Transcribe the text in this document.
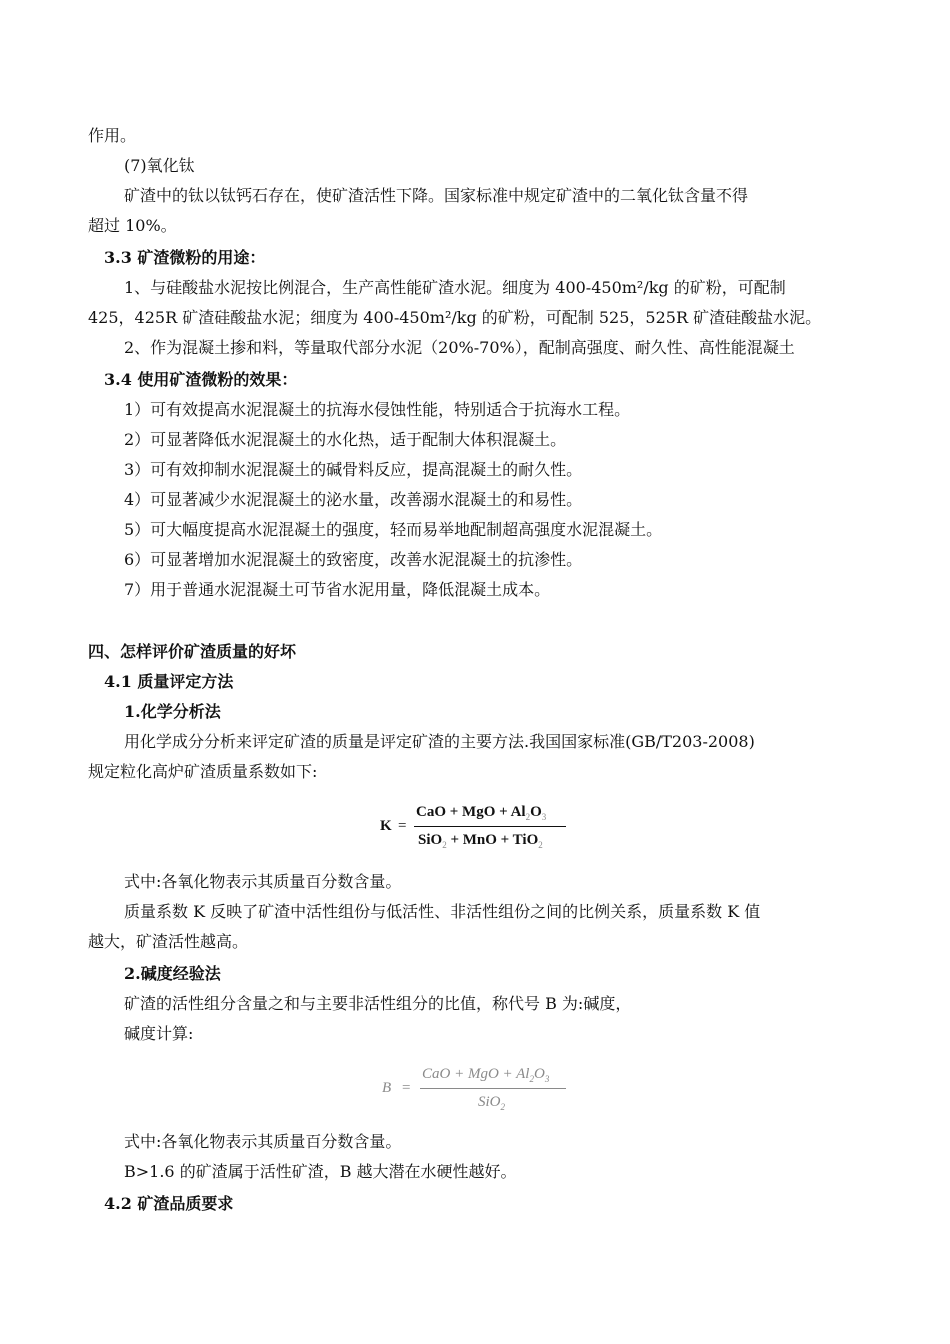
作用。
(7)氧化钛
矿渣中的钛以钛钙石存在，使矿渣活性下降。国家标准中规定矿渣中的二氧化钛含量不得
超过 10%。
3.3 矿渣微粉的用途：
1、与硅酸盐水泥按比例混合，生产高性能矿渣水泥。细度为 400-450m²/kg 的矿粉，可配制
425，425R 矿渣硅酸盐水泥；细度为 400-450m²/kg 的矿粉，可配制 525，525R 矿渣硅酸盐水泥。
2、作为混凝土掺和料，等量取代部分水泥（20%-70%），配制高强度、耐久性、高性能混凝土
3.4 使用矿渣微粉的效果：
1）可有效提高水泥混凝土的抗海水侵蚀性能，特别适合于抗海水工程。
2）可显著降低水泥混凝土的水化热，适于配制大体积混凝土。
3）可有效抑制水泥混凝土的碱骨料反应，提高混凝土的耐久性。
4）可显著减少水泥混凝土的泌水量，改善溺水混凝土的和易性。
5）可大幅度提高水泥混凝土的强度，轻而易举地配制超高强度水泥混凝土。
6）可显著增加水泥混凝土的致密度，改善水泥混凝土的抗渗性。
7）用于普通水泥混凝土可节省水泥用量，降低混凝土成本。
四、怎样评价矿渣质量的好坏
4.1 质量评定方法
1.化学分析法
用化学成分分析来评定矿渣的质量是评定矿渣的主要方法.我国国家标准(GB/T203-2008)
规定粒化高炉矿渣质量系数如下:
K =
CaO + MgO + $Al_2O_3$
SiO$_2$ + MnO + TiO$_2$
式中:各氧化物表示其质量百分数含量。
质量系数 K 反映了矿渣中活性组份与低活性、非活性组份之间的比例关系，质量系数 K 值
越大，矿渣活性越高。
2.碱度经验法
矿渣的活性组分含量之和与主要非活性组分的比值，称代号 B 为:碱度，
碱度计算:
B =
CaO + MgO + $Al_2O_3$
SiO$_2$
式中:各氧化物表示其质量百分数含量。
B>1.6 的矿渣属于活性矿渣，B 越大潜在水硬性越好。
4.2 矿渣品质要求
